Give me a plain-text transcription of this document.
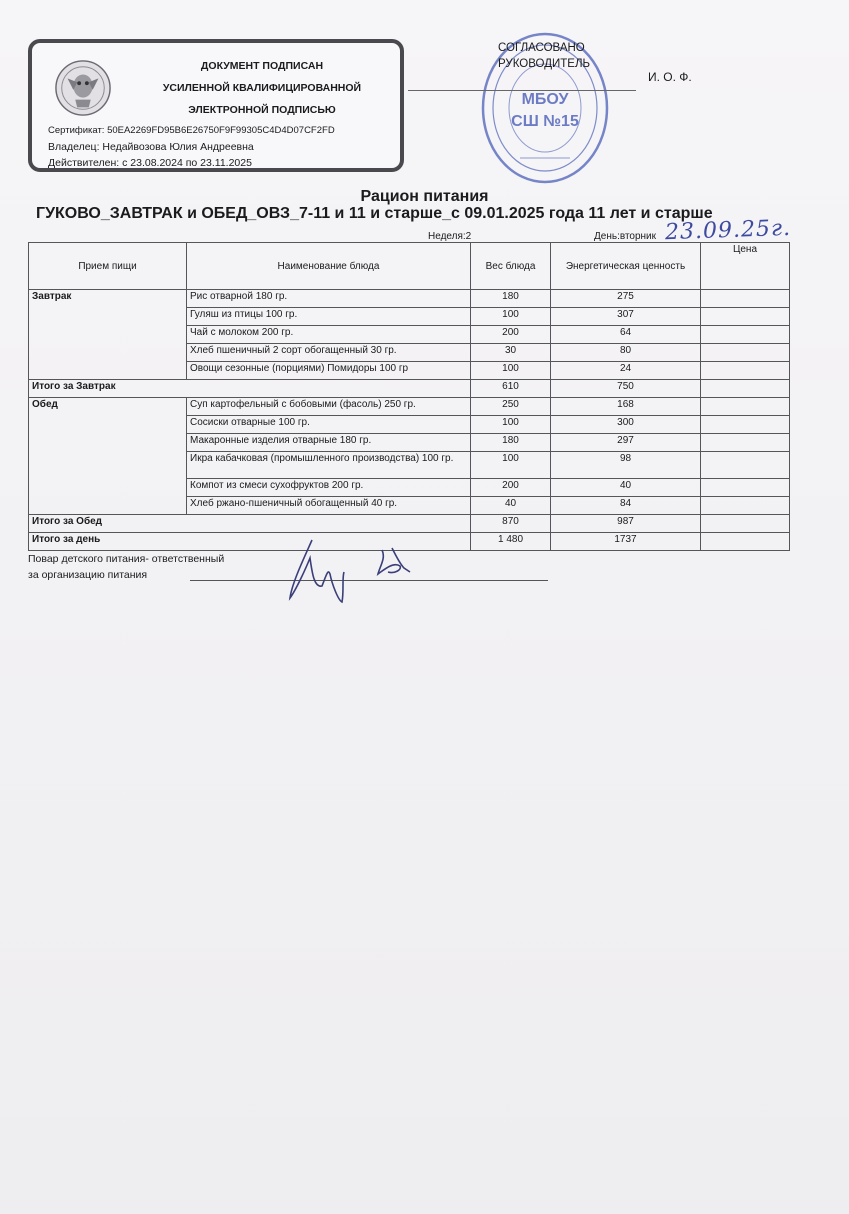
ДОКУМЕНТ ПОДПИСАН
УСИЛЕННОЙ КВАЛИФИЦИРОВАННОЙ
ЭЛЕКТРОННОЙ ПОДПИСЬЮ
Сертификат: 50EA2269FD95B6E26750F9F99305C4D4D07CF2FD
Владелец: Недайвозова Юлия Андреевна
Действителен: с 23.08.2024 по 23.11.2025
МБОУ
СШ №15
СОГЛАСОВАНО
РУКОВОДИТЕЛЬ
И. О. Ф.
Рацион питания
ГУКОВО_ЗАВТРАК и ОБЕД_ОВЗ_7-11 и 11 и старше_с 09.01.2025 года 11 лет и старше
Неделя:2	День:вторник 23.09.25г.
Прием пищи	Наименование блюда	Вес блюда	Энергетическая ценность	Цена
Завтрак	Рис отварной 180 гр.	180	275	
	Гуляш из птицы 100 гр.	100	307	
	Чай с молоком 200 гр.	200	64	
	Хлеб пшеничный 2 сорт обогащенный 30 гр.	30	80	
	Овощи сезонные (порциями) Помидоры 100 гр	100	24	
Итого за Завтрак		610	750	
Обед	Суп картофельный с бобовыми (фасоль) 250 гр.	250	168	
	Сосиски отварные 100 гр.	100	300	
	Макаронные изделия отварные 180 гр.	180	297	
	Икра кабачковая (промышленного производства) 100 гр.	100	98	
	Компот из смеси сухофруктов 200 гр.	200	40	
	Хлеб ржано-пшеничный обогащенный 40 гр.	40	84	
Итого за Обед		870	987	
Итого за день		1 480	1737	
Повар детского питания- ответственный
за организацию питания
